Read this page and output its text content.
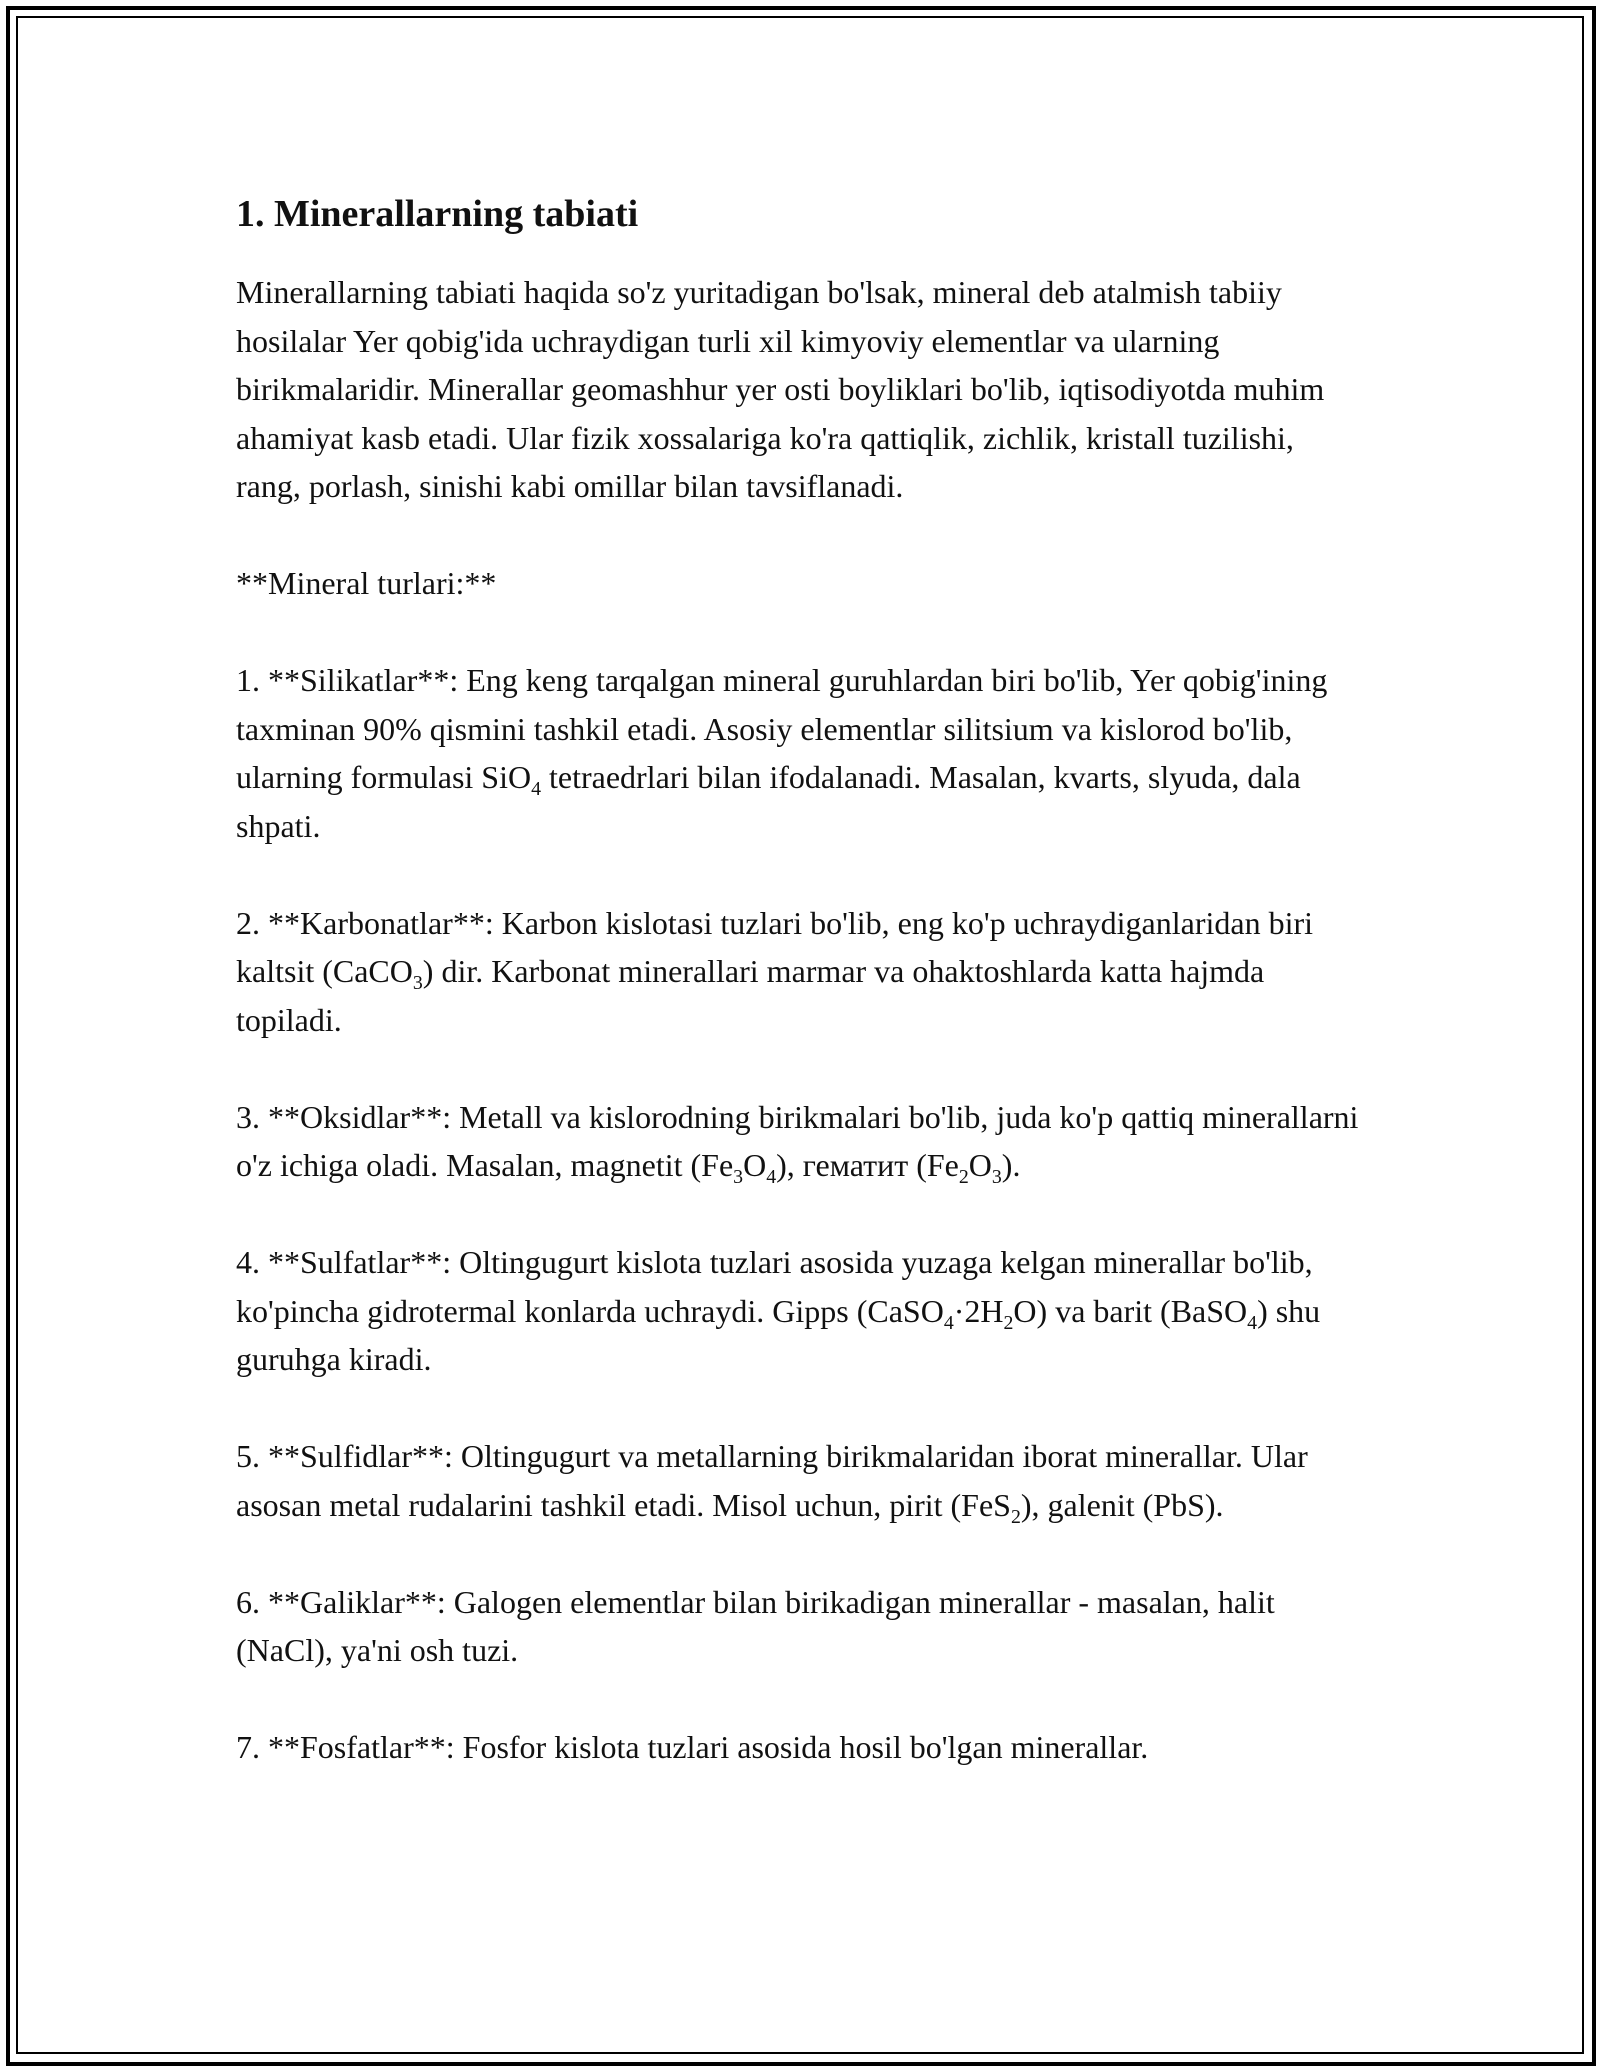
1. Minerallarning tabiati

Minerallarning tabiati haqida so'z yuritadigan bo'lsak, mineral deb atalmish tabiiy hosilalar Yer qobig'ida uchraydigan turli xil kimyoviy elementlar va ularning birikmalaridir. Minerallar geomashhur yer osti boyliklari bo'lib, iqtisodiyotda muhim ahamiyat kasb etadi. Ular fizik xossalariga ko'ra qattiqlik, zichlik, kristall tuzilishi, rang, porlash, sinishi kabi omillar bilan tavsiflanadi.

**Mineral turlari:**

1. **Silikatlar**: Eng keng tarqalgan mineral guruhlardan biri bo'lib, Yer qobig'ining taxminan 90% qismini tashkil etadi. Asosiy elementlar silitsium va kislorod bo'lib, ularning formulasi SiO$_4$ tetraedrlari bilan ifodalanadi. Masalan, kvarts, slyuda, dala shpati.

2. **Karbonatlar**: Karbon kislotasi tuzlari bo'lib, eng ko'p uchraydiganlaridan biri kaltsit (CaCO$_3$) dir. Karbonat minerallari marmar va ohaktoshlarda katta hajmda topiladi.

3. **Oksidlar**: Metall va kislorodning birikmalari bo'lib, juda ko'p qattiq minerallarni o'z ichiga oladi. Masalan, magnetit $(Fe_3O_4)$, гематит $(Fe_2O_3)$.

4. **Sulfatlar**: Oltingugurt kislota tuzlari asosida yuzaga kelgan minerallar bo'lib, ko'pincha gidrotermal konlarda uchraydi. Gipps $(CaSO_4\cdot 2H_2O)$ va barit (BaSO$_4$) shu guruhga kiradi.

5. **Sulfidlar**: Oltingugurt va metallarning birikmalaridan iborat minerallar. Ular asosan metal rudalarini tashkil etadi. Misol uchun, pirit (FeS$_2$), galenit (PbS).

6. **Galiklar**: Galogen elementlar bilan birikadigan minerallar - masalan, halit (NaCl), ya'ni osh tuzi.

7. **Fosfatlar**: Fosfor kislota tuzlari asosida hosil bo'lgan minerallar.
